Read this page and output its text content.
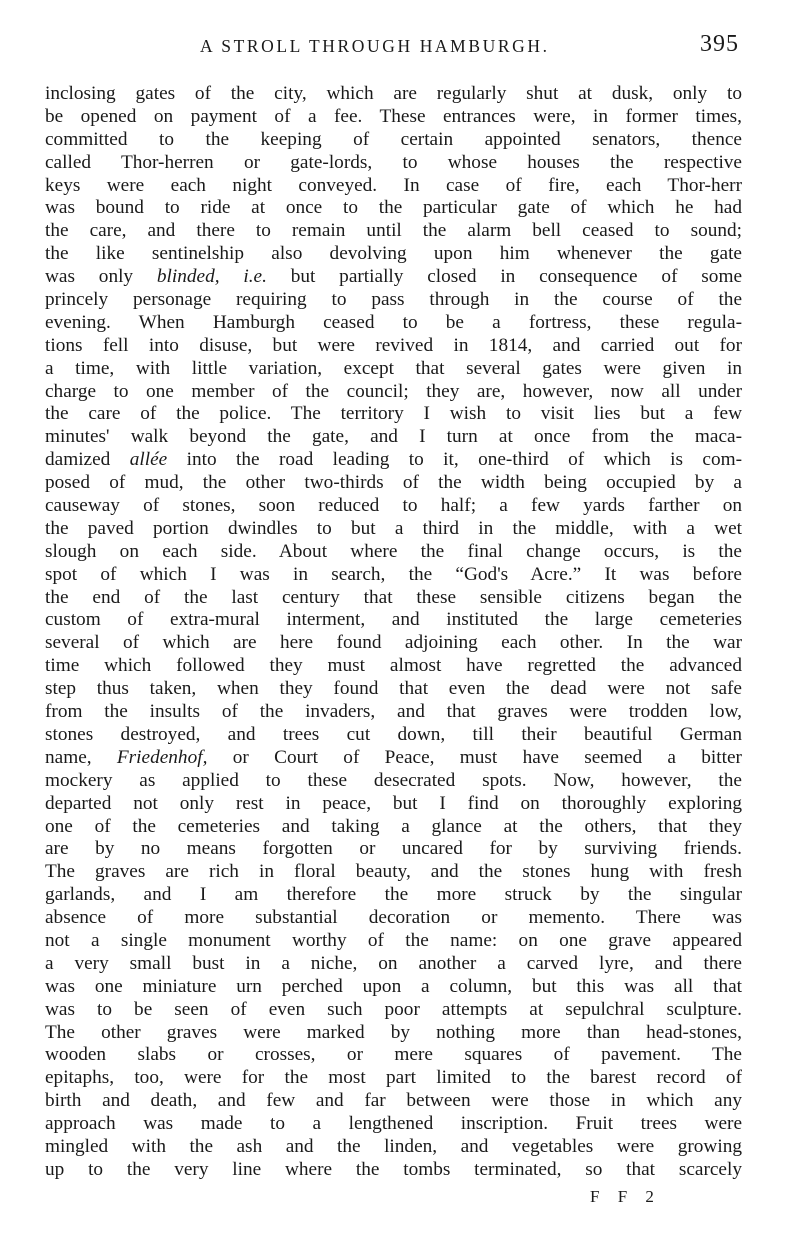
A STROLL THROUGH HAMBURGH.	395
inclosing gates of the city, which are regularly shut at dusk, only to
be opened on payment of a fee. These entrances were, in former times,
committed to the keeping of certain appointed senators, thence
called Thor-herren or gate-lords, to whose houses the respective
keys were each night conveyed. In case of fire, each Thor-herr
was bound to ride at once to the particular gate of which he had
the care, and there to remain until the alarm bell ceased to sound;
the like sentinelship also devolving upon him whenever the gate
was only blinded, i.e. but partially closed in consequence of some
princely personage requiring to pass through in the course of the
evening. When Hamburgh ceased to be a fortress, these regula-
tions fell into disuse, but were revived in 1814, and carried out for
a time, with little variation, except that several gates were given in
charge to one member of the council; they are, however, now all under
the care of the police. The territory I wish to visit lies but a few
minutes' walk beyond the gate, and I turn at once from the maca-
damized allée into the road leading to it, one-third of which is com-
posed of mud, the other two-thirds of the width being occupied by a
causeway of stones, soon reduced to half; a few yards farther on
the paved portion dwindles to but a third in the middle, with a wet
slough on each side. About where the final change occurs, is the
spot of which I was in search, the “God's Acre.” It was before
the end of the last century that these sensible citizens began the
custom of extra-mural interment, and instituted the large cemeteries
several of which are here found adjoining each other. In the war
time which followed they must almost have regretted the advanced
step thus taken, when they found that even the dead were not safe
from the insults of the invaders, and that graves were trodden low,
stones destroyed, and trees cut down, till their beautiful German
name, Friedenhof, or Court of Peace, must have seemed a bitter
mockery as applied to these desecrated spots. Now, however, the
departed not only rest in peace, but I find on thoroughly exploring
one of the cemeteries and taking a glance at the others, that they
are by no means forgotten or uncared for by surviving friends.
The graves are rich in floral beauty, and the stones hung with fresh
garlands, and I am therefore the more struck by the singular
absence of more substantial decoration or memento. There was
not a single monument worthy of the name: on one grave appeared
a very small bust in a niche, on another a carved lyre, and there
was one miniature urn perched upon a column, but this was all that
was to be seen of even such poor attempts at sepulchral sculpture.
The other graves were marked by nothing more than head-stones,
wooden slabs or crosses, or mere squares of pavement. The
epitaphs, too, were for the most part limited to the barest record of
birth and death, and few and far between were those in which any
approach was made to a lengthened inscription. Fruit trees were
mingled with the ash and the linden, and vegetables were growing
up to the very line where the tombs terminated, so that scarcely
F F 2
